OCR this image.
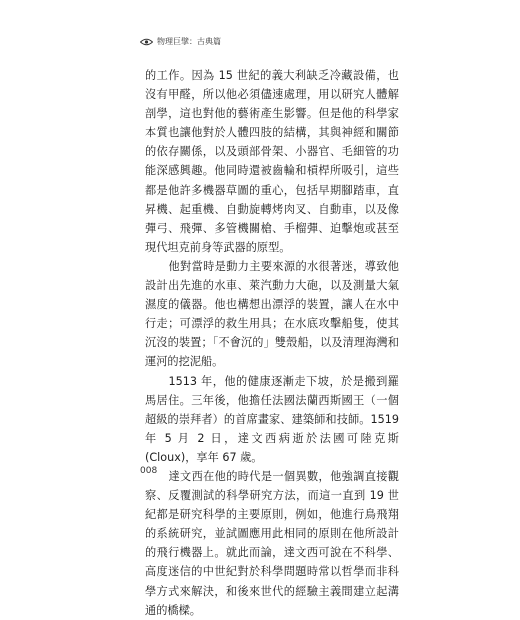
物理巨擘：古典篇

的工作。因為 15 世紀的義大利缺乏冷藏設備，也沒有甲醛，所以他必須儘速處理，用以研究人體解剖學，這也對他的藝術產生影響。但是他的科學家本質也讓他對於人體四肢的結構，其與神經和關節的依存關係，以及頭部骨架、小器官、毛細管的功能深感興趣。他同時還被齒輪和槓桿所吸引，這些都是他許多機器草圖的重心，包括早期腳踏車，直昇機、起重機、自動旋轉烤肉叉、自動車，以及像彈弓、飛彈、多管機關槍、手榴彈、迫擊炮或甚至現代坦克前身等武器的原型。

他對當時是動力主要來源的水很著迷，導致他設計出先進的水車、萊汽動力大砲，以及測量大氣濕度的儀器。他也構想出漂浮的裝置，讓人在水中行走；可漂浮的救生用具；在水底攻擊船隻，使其沉沒的裝置；「不會沉的」雙殼船，以及清理海灣和運河的挖泥船。

1513 年，他的健康逐漸走下坡，於是搬到羅馬居住。三年後，他擔任法國法蘭西斯國王（一個超級的崇拜者）的首席畫家、建築師和技師。1519 年 5 月 2 日，達文西病逝於法國可陸克斯(Cloux)，享年 67 歲。

達文西在他的時代是一個異數，他強調直接觀察、反覆測試的科學研究方法，而這一直到 19 世紀都是研究科學的主要原則，例如，他進行鳥飛翔的系統研究，並試圖應用此相同的原則在他所設計的飛行機器上。就此而論，達文西可說在不科學、高度迷信的中世紀對於科學問題時常以哲學而非科學方式來解決，和後來世代的經驗主義間建立起溝通的橋樑。

008
